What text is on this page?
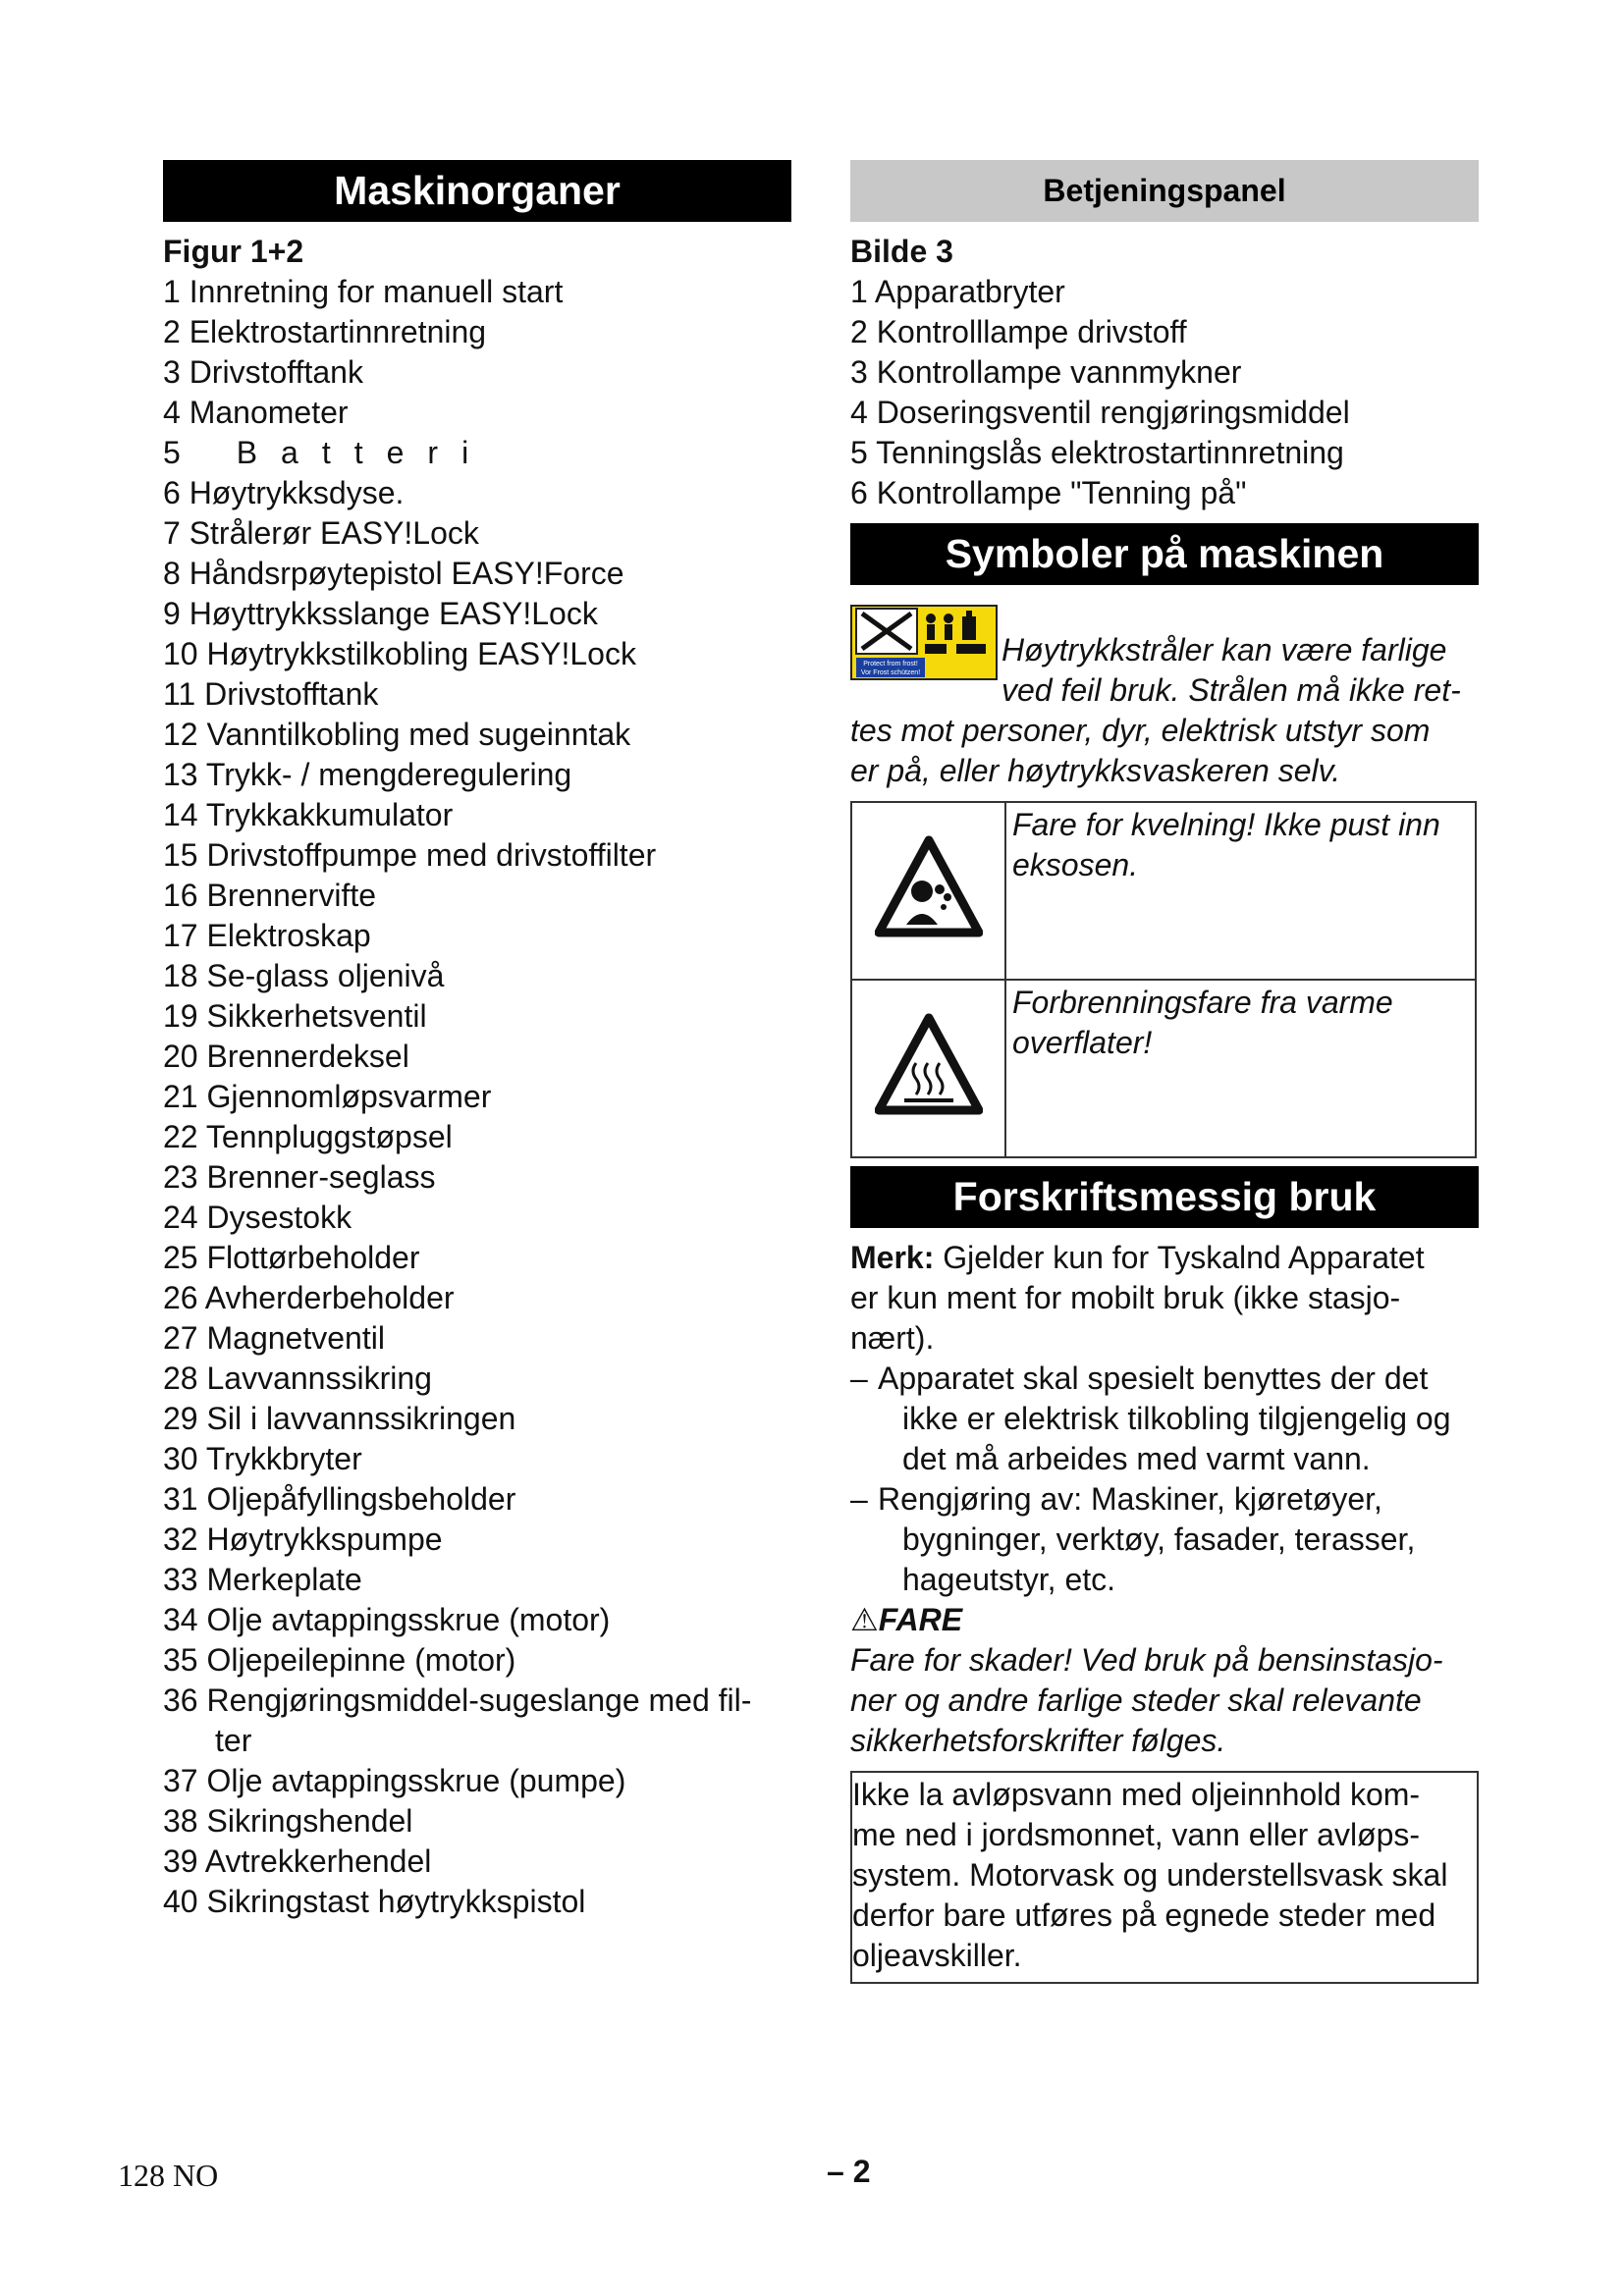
Maskinorganer
Figur 1+2
1 Innretning for manuell start
2 Elektrostartinnretning
3 Drivstofftank
4 Manometer
5 Batteri
6 Høytrykksdyse.
7 Strålerør EASY!Lock
8 Håndsrpøytepistol EASY!Force
9 Høyttrykksslange EASY!Lock
10 Høytrykkstilkobling EASY!Lock
11 Drivstofftank
12 Vanntilkobling med sugeinntak
13 Trykk- / mengderegulering
14 Trykkakkumulator
15 Drivstoffpumpe med drivstoffilter
16 Brennervifte
17 Elektroskap
18 Se-glass oljenivå
19 Sikkerhetsventil
20 Brennerdeksel
21 Gjennomløpsvarmer
22 Tennpluggstøpsel
23 Brenner-seglass
24 Dysestokk
25 Flottørbeholder
26 Avherderbeholder
27 Magnetventil
28 Lavvannssikring
29 Sil i lavvannssikringen
30 Trykkbryter
31 Oljepåfyllingsbeholder
32 Høytrykkspumpe
33 Merkeplate
34 Olje avtappingsskrue (motor)
35 Oljepeilepinne (motor)
36 Rengjøringsmiddel-sugeslange med fil-
ter
37 Olje avtappingsskrue (pumpe)
38 Sikringshendel
39 Avtrekkerhendel
40 Sikringstast høytrykkspistol
Betjeningspanel
Bilde 3
1 Apparatbryter
2 Kontrolllampe drivstoff
3 Kontrollampe vannmykner
4 Doseringsventil rengjøringsmiddel
5 Tenningslås elektrostartinnretning
6 Kontrollampe "Tenning på"
Symboler på maskinen
Protect from frost!
Vor Frost schützen!
Høytrykkstråler kan være farlige
ved feil bruk. Strålen må ikke ret-
tes mot personer, dyr, elektrisk utstyr som
er på, eller høytrykksvaskeren selv.

Fare for kvelning! Ikke pust inn
eksosen.

Forbrenningsfare fra varme
overflater!
Forskriftsmessig bruk
Merk: Gjelder kun for Tyskalnd Apparatet
er kun ment for mobilt bruk (ikke stasjo-
nært).
– Apparatet skal spesielt benyttes der det
ikke er elektrisk tilkobling tilgjengelig og
det må arbeides med varmt vann.
– Rengjøring av: Maskiner, kjøretøyer,
bygninger, verktøy, fasader, terasser,
hageutstyr, etc.
⚠FARE
Fare for skader! Ved bruk på bensinstasjo-
ner og andre farlige steder skal relevante
sikkerhetsforskrifter følges.
Ikke la avløpsvann med oljeinnhold kom-
me ned i jordsmonnet, vann eller avløps-
system. Motorvask og understellsvask skal
derfor bare utføres på egnede steder med
oljeavskiller.
128 NO	– 2
